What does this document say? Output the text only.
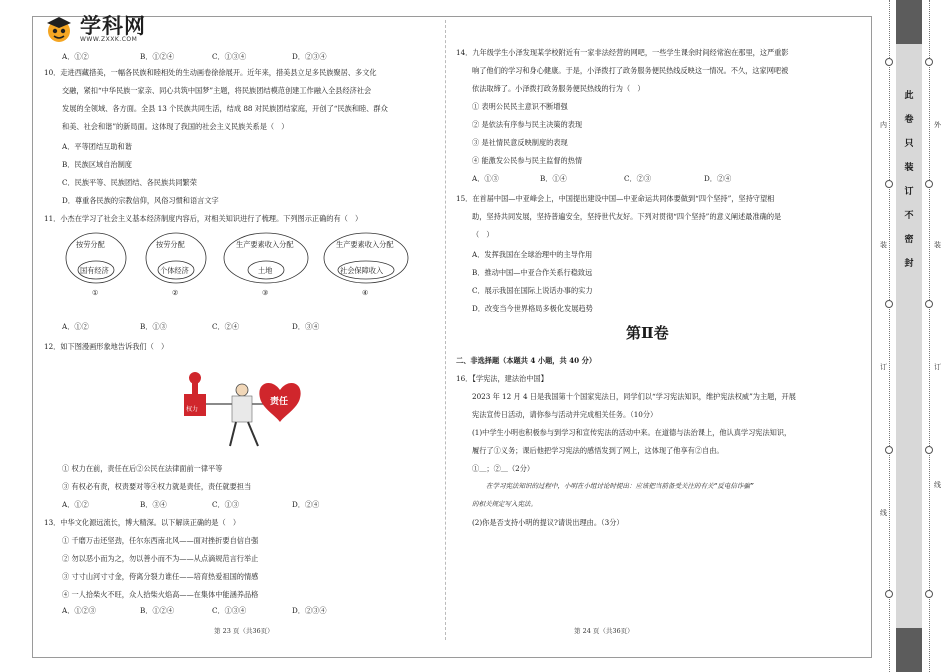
学科网
WWW.ZXXK.COM
A．①②	B．①②④	C．①③④	D．②③④
10．走进西藏措美，一幅各民族和睦相处的生动画卷徐徐展开。近年来，措美县立足多民族聚居、多文化
交融，紧扣“中华民族一家亲、同心共筑中国梦”主题，将民族团结模范创建工作融入全县经济社会
发展的全领域、各方面。全县 13 个民族共同生活，结成 88 对民族团结家庭，开创了“民族和睦、群众
和美、社会和谐”的新局面。这体现了我国的社会主义民族关系是（　）
A．平等团结互助和谐
B．民族区域自治制度
C．民族平等、民族团结、各民族共同繁荣
D．尊重各民族的宗教信仰，风俗习惯和语言文字
11．小杰在学习了社会主义基本经济制度内容后，对相关知识进行了梳理。下列图示正确的有（　）
按劳分配
国有经济
①
按劳分配
个体经济
②
生产要素收入分配
土地
③
生产要素收入分配
社会保障收入
④
A．①②	B．①③	C．②④	D．③④
12．如下图漫画形象地告诉我们（　）
权力
责任
① 权力在前，责任在后②公民在法律面前一律平等
③ 有权必有责，权责要对等④权力就是责任，责任就要担当
A．①②	B．③④	C．①③	D．②④
13．中华文化源远流长，博大精深。以下解读正确的是（　）
① 千磨万击还坚劲，任尔东西南北风——面对挫折要自信自强
② 勿以恶小而为之，勿以善小而不为——从点滴规范言行举止
③ 寸寸山河寸寸金，侉离分裂力谁任——培育热爱祖国的情感
④ 一人拾柴火不旺，众人拾柴火焰高——在集体中能涵养品格
A．①②③	B．①②④	C．①③④	D．②③④
第 23 页（共36页）
14．九年级学生小泽发现某学校附近有一家非法经营的网吧，一些学生课余时间经常泡在那里，这严重影
响了他们的学习和身心健康。于是，小泽拨打了政务服务便民热线反映这一情况。不久，这家网吧被
依法取缔了。小泽拨打政务服务便民热线的行为（　）
① 表明公民民主意识不断增强
② 是依法有序参与民主决策的表现
③ 是社情民意反映制度的表现
④ 能激发公民参与民主监督的热情
A．①③	B．①④	C．②③	D．②④
15．在首届中国—中亚峰会上，中国提出建设中国—中亚命运共同体要做到“四个坚持”，坚持守望相
助，坚持共同发展，坚持普遍安全，坚持世代友好。下列对贯彻“四个坚持”的意义阐述最准确的是
（　）
A．发挥我国在全球治理中的主导作用
B．推动中国—中亚合作关系行稳致远
C．展示我国在国际上说话办事的实力
D．改变当今世界格局多极化发展趋势
二、非选择题（本题共 4 小题，共 40 分）
16．【学宪法，建法治中国】
2023 年 12 月 4 日是我国第十个国家宪法日，同学们以“学习宪法知识，维护宪法权威”为主题，开展
宪法宣传日活动，请你参与活动并完成相关任务。（10分）
(1)中学生小明也积极参与到学习和宣传宪法的活动中来。在道德与法治课上，他认真学习宪法知识，
履行了①义务；课后他把学习宪法的感悟发到了网上，这体现了他享有②自由。
①＿；②＿（2分）
在学习宪法知识的过程中，小明在小组讨论时提出：应该把当前备受关注的有关“反电信诈骗”
的相关规定写入宪法。
(2)你是否支持小明的提议?请说出理由。（3分）
第Ⅱ卷
第 24 页（共36页）
内
装
订
线
外
装
订
线
此
卷
只
装
订
不
密
封
